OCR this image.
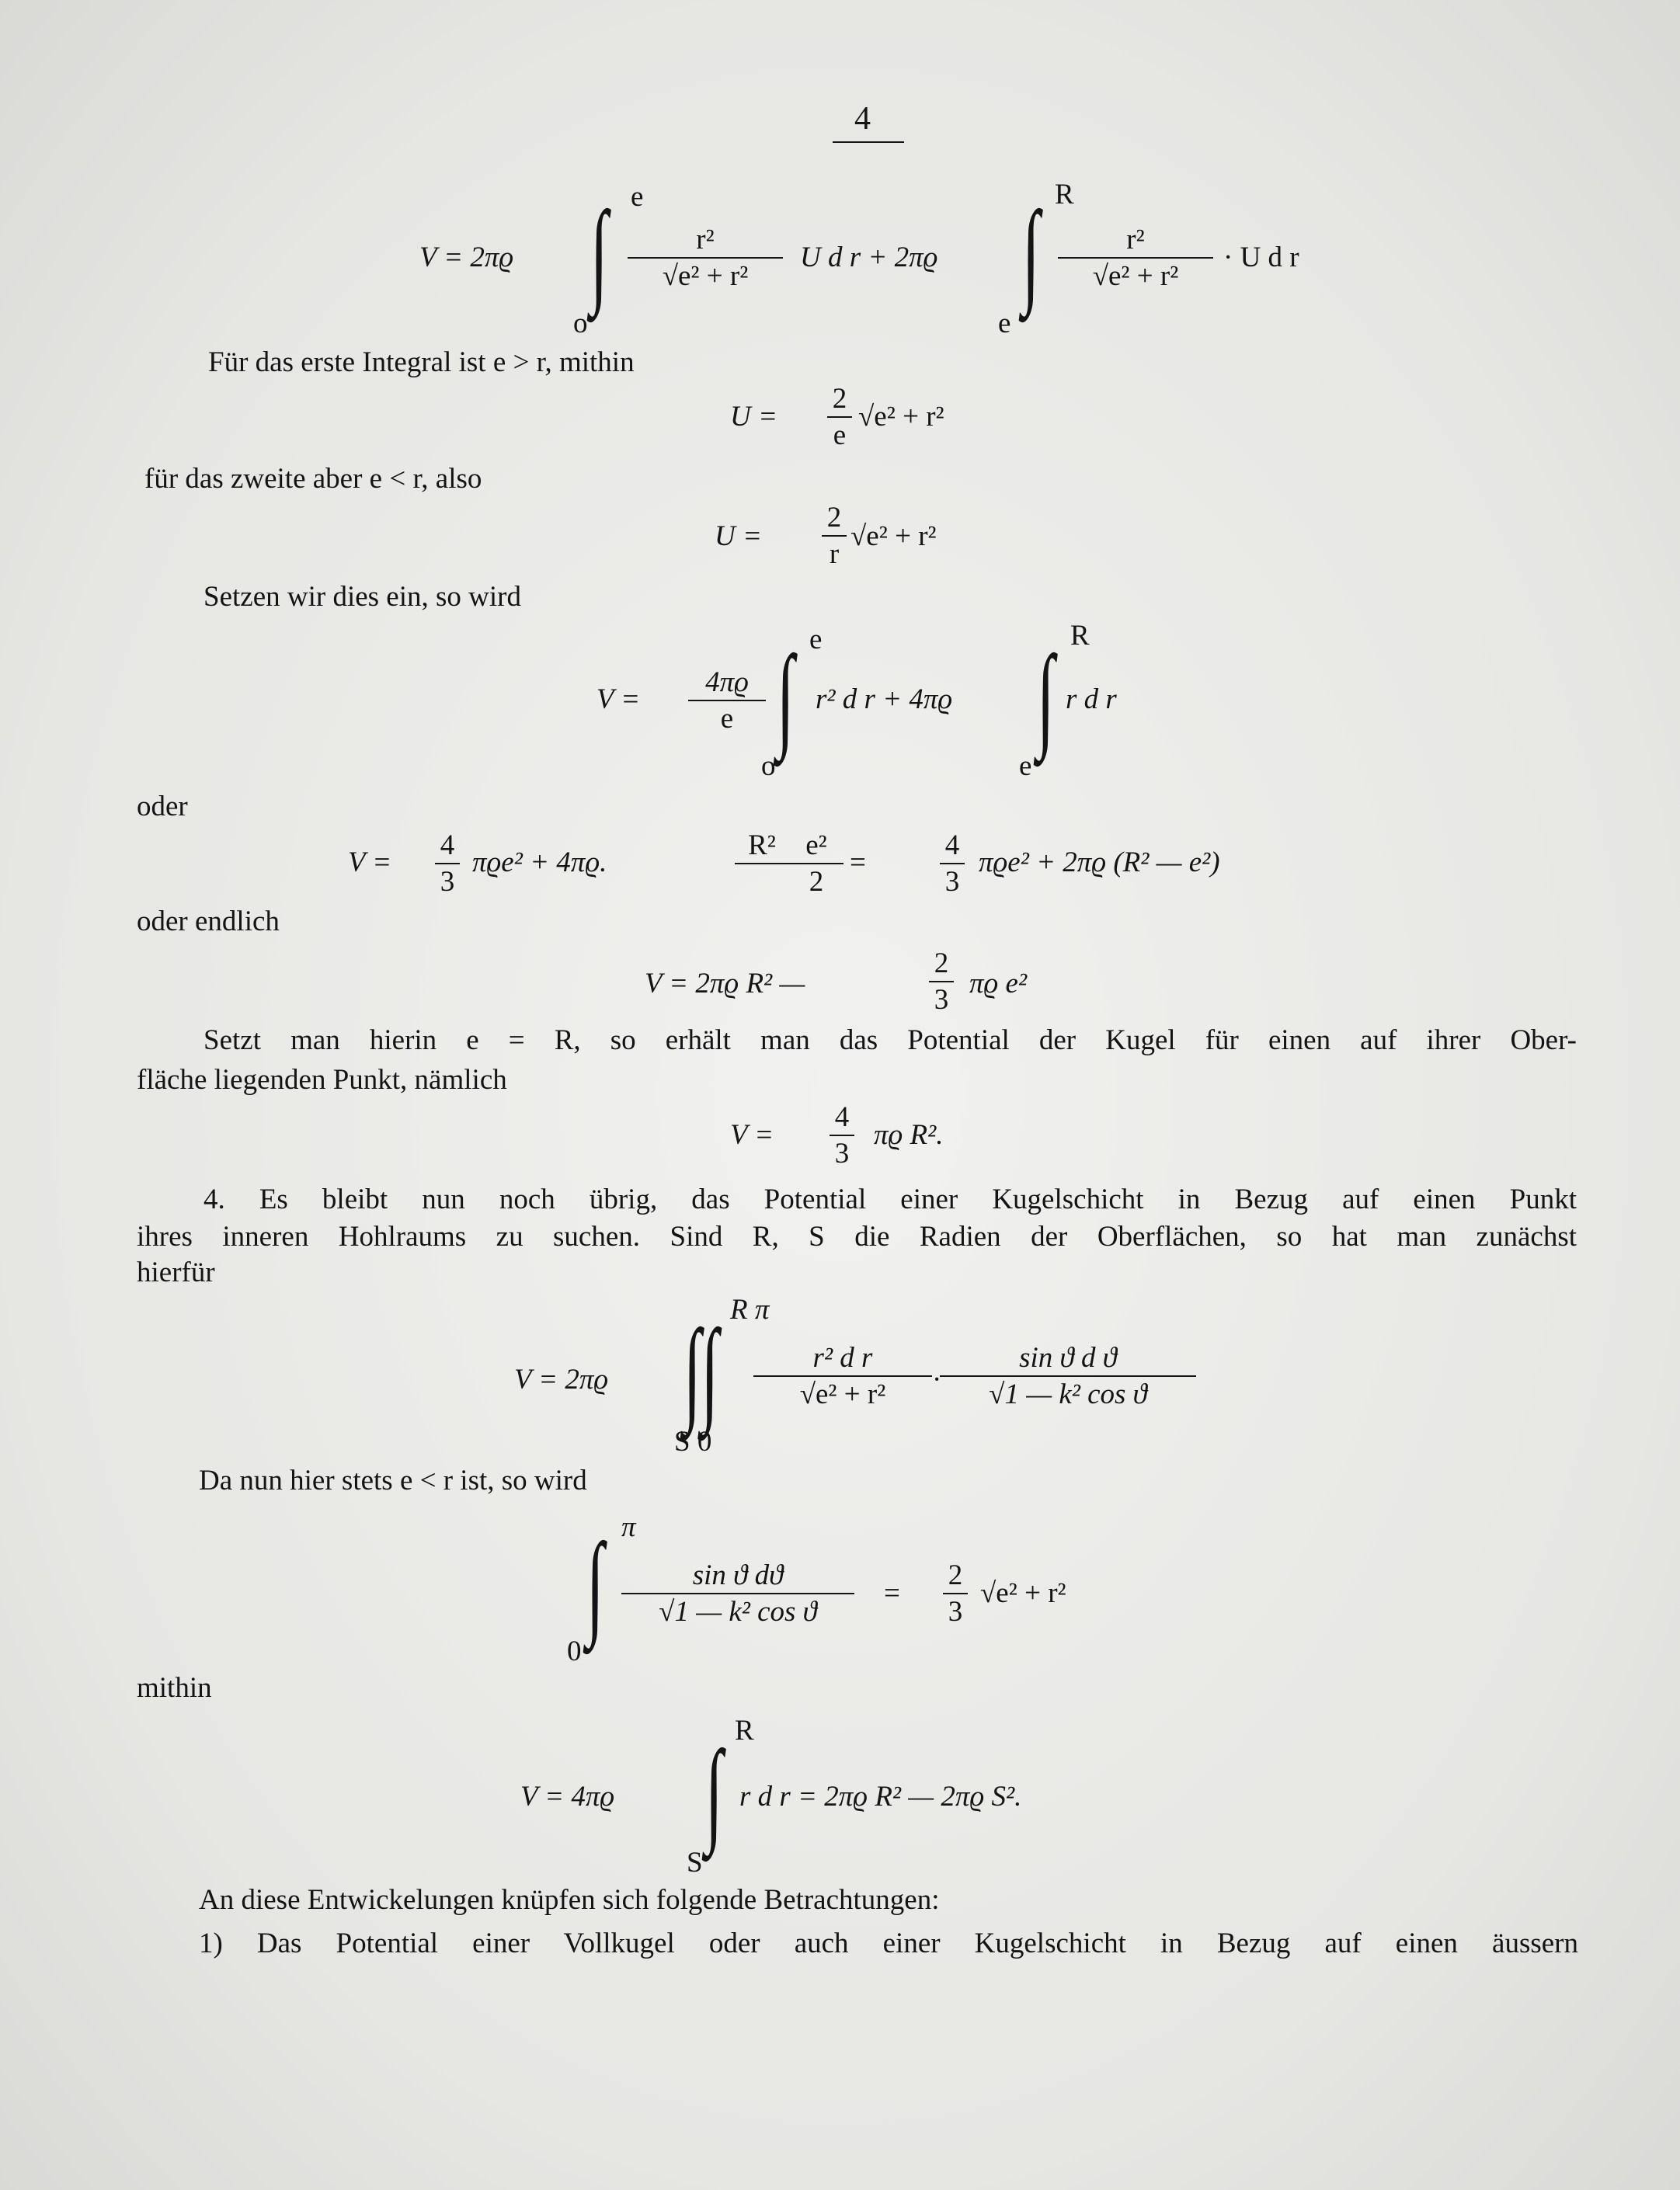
4
V = 2πϱ
e
∫
o
$\frac{\text{r²}}{\text{√e² + r²}}$ U d r + 2πϱ
R
∫
e
$\frac{\text{r²}}{\text{√e² + r²}} \cdot U$ d r
Für das erste Integral ist e > r, mithin
$U = \frac{2}{e} √e^2 + r^2$
für das zweite aber e < r, also
$U = \frac{2}{r} √e^2 + r^2$
Setzen wir dies ein, so wird
$V = \frac{4\pi ϱ}{e}$
e
∫
o
r² d r + 4πϱ
R
∫
e
r d r
oder
$V = \frac{4}{3} \pi ϱe^2 + 4\pi ϱ$.
$R^2 \frac{\text{e²}}{2}$ =	$\frac{4}{3} \pi ϱe^2 + 2\pi ϱ$ (R² — e²)
oder endlich
V = 2πϱ R² —	$\frac{2}{3}$ πϱ e²
Setzt man hierin e = R, so erhält man das Potential der Kugel für einen auf ihrer Ober-
fläche liegenden Punkt, nämlich
$V = \frac{4}{3}$ πϱ R².
4. Es bleibt nun noch übrig, das Potential einer Kugelschicht in Bezug auf einen Punkt
ihres inneren Hohlraums zu suchen. Sind R, S die Radien der Oberflächen, so hat man zunächst
hierfür
V = 2πϱ
R π
∫∫
S 0
$\frac{\text{r² d r}}{\text{√e² + r²}}$ ·
$\frac{\text{sin ϑ d ϑ}}{\text{√1 — k² cos ϑ}}$
Da nun hier stets e < r ist, so wird
π
∫
0
$\frac{\text{sin ϑ dϑ}}{\text{√1 — k² cos ϑ}} = \frac{2}{3} √e^2 + r^2$
mithin
V = 4πϱ
R
∫
S
r d r = 2πϱ R² — 2πϱ S².
An diese Entwickelungen knüpfen sich folgende Betrachtungen:
1) Das Potential einer Vollkugel oder auch einer Kugelschicht in Bezug auf einen äussern
